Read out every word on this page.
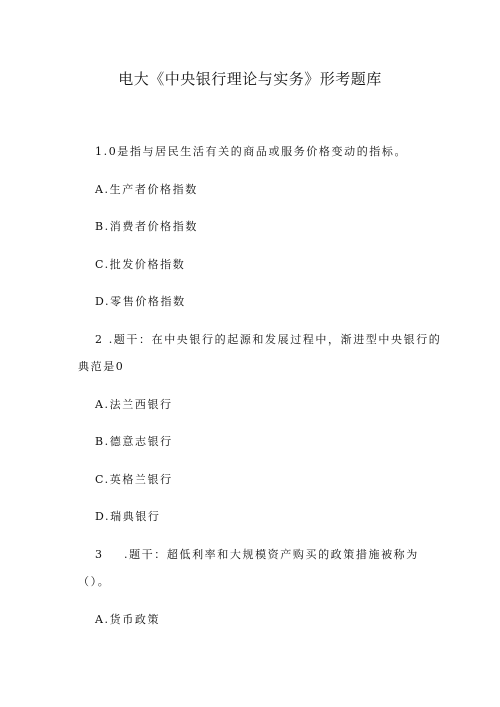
电大《中央银行理论与实务》形考题库
1.0是指与居民生活有关的商品或服务价格变动的指标。
A.生产者价格指数
B.消费者价格指数
C.批发价格指数
D.零售价格指数
2 .题干：在中央银行的起源和发展过程中，渐进型中央银行的
典范是0
A.法兰西银行
B.德意志银行
C.英格兰银行
D.瑞典银行
3    .题干：超低利率和大规模资产购买的政策措施被称为
（）。
A.货币政策
